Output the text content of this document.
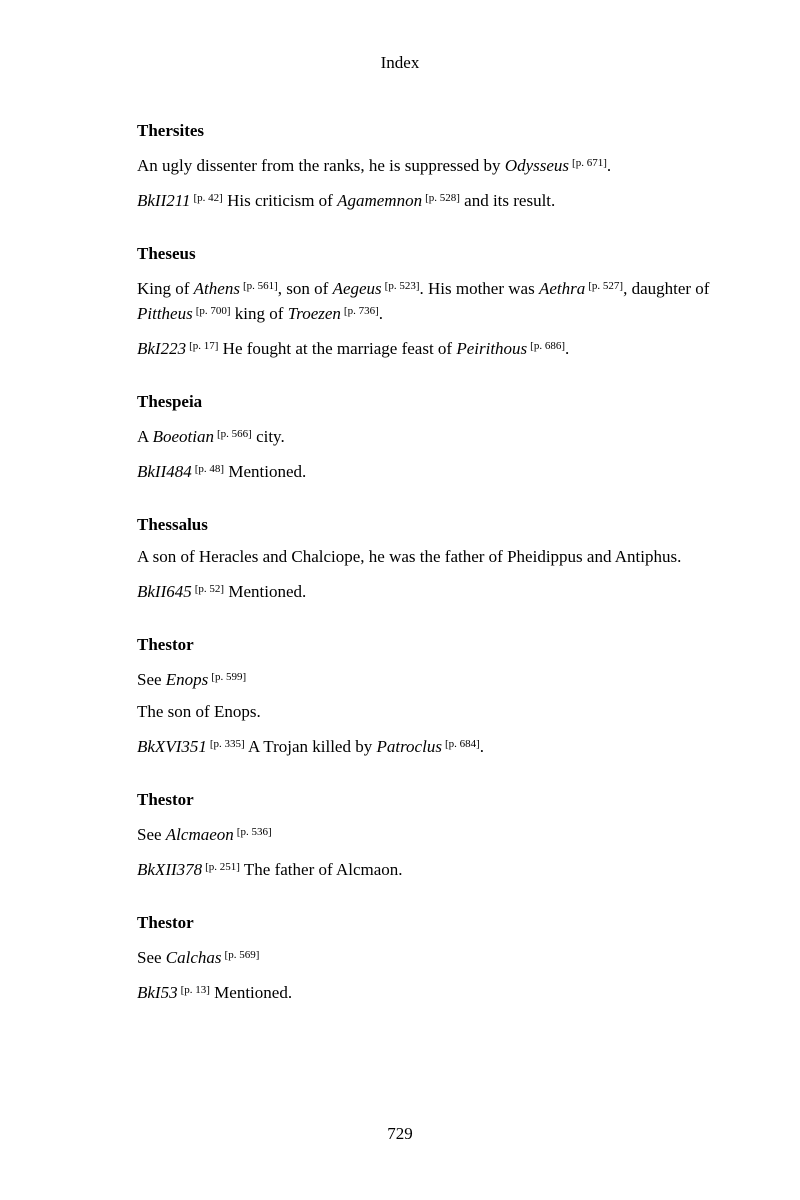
Index
Thersites
An ugly dissenter from the ranks, he is suppressed by Odysseus [p. 671].
BkII211 [p. 42] His criticism of Agamemnon [p. 528] and its result.
Theseus
King of Athens [p. 561], son of Aegeus [p. 523]. His mother was Aethra [p. 527], daughter of Pittheus [p. 700] king of Troezen [p. 736].
BkI223 [p. 17] He fought at the marriage feast of Peirithous [p. 686].
Thespeia
A Boeotian [p. 566] city.
BkII484 [p. 48] Mentioned.
Thessalus
A son of Heracles and Chalciope, he was the father of Pheidippus and Antiphus.
BkII645 [p. 52] Mentioned.
Thestor
See Enops [p. 599]
The son of Enops.
BkXVI351 [p. 335] A Trojan killed by Patroclus [p. 684].
Thestor
See Alcmaeon [p. 536]
BkXII378 [p. 251] The father of Alcmaon.
Thestor
See Calchas [p. 569]
BkI53 [p. 13] Mentioned.
729
